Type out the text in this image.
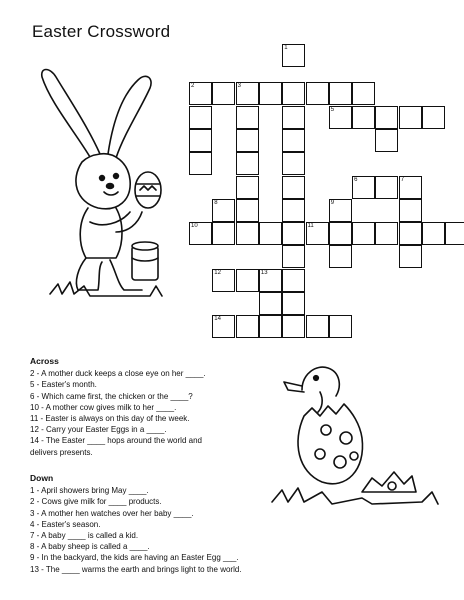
Easter Crossword
2	3
5
1
6	7
8	9
10	11
12	13
14
Across
2 - A mother duck keeps a close eye on her ____.
5 - Easter's month.
6 - Which came first, the chicken or the ____?
10 - A mother cow gives milk to her ____.
11 - Easter is always on this day of the week.
12 - Carry your Easter Eggs in a ____.
14 - The Easter ____ hops around the world and
delivers presents.
Down
1 - April showers bring May ____.
2 - Cows give milk for ____ products.
3 - A mother hen watches over her baby ____.
4 - Easter's season.
7 - A baby ____ is called a kid.
8 - A baby sheep is called a ____.
9 - In the backyard, the kids are having an Easter Egg ___.
13 - The ____ warms the earth and brings light to the world.
